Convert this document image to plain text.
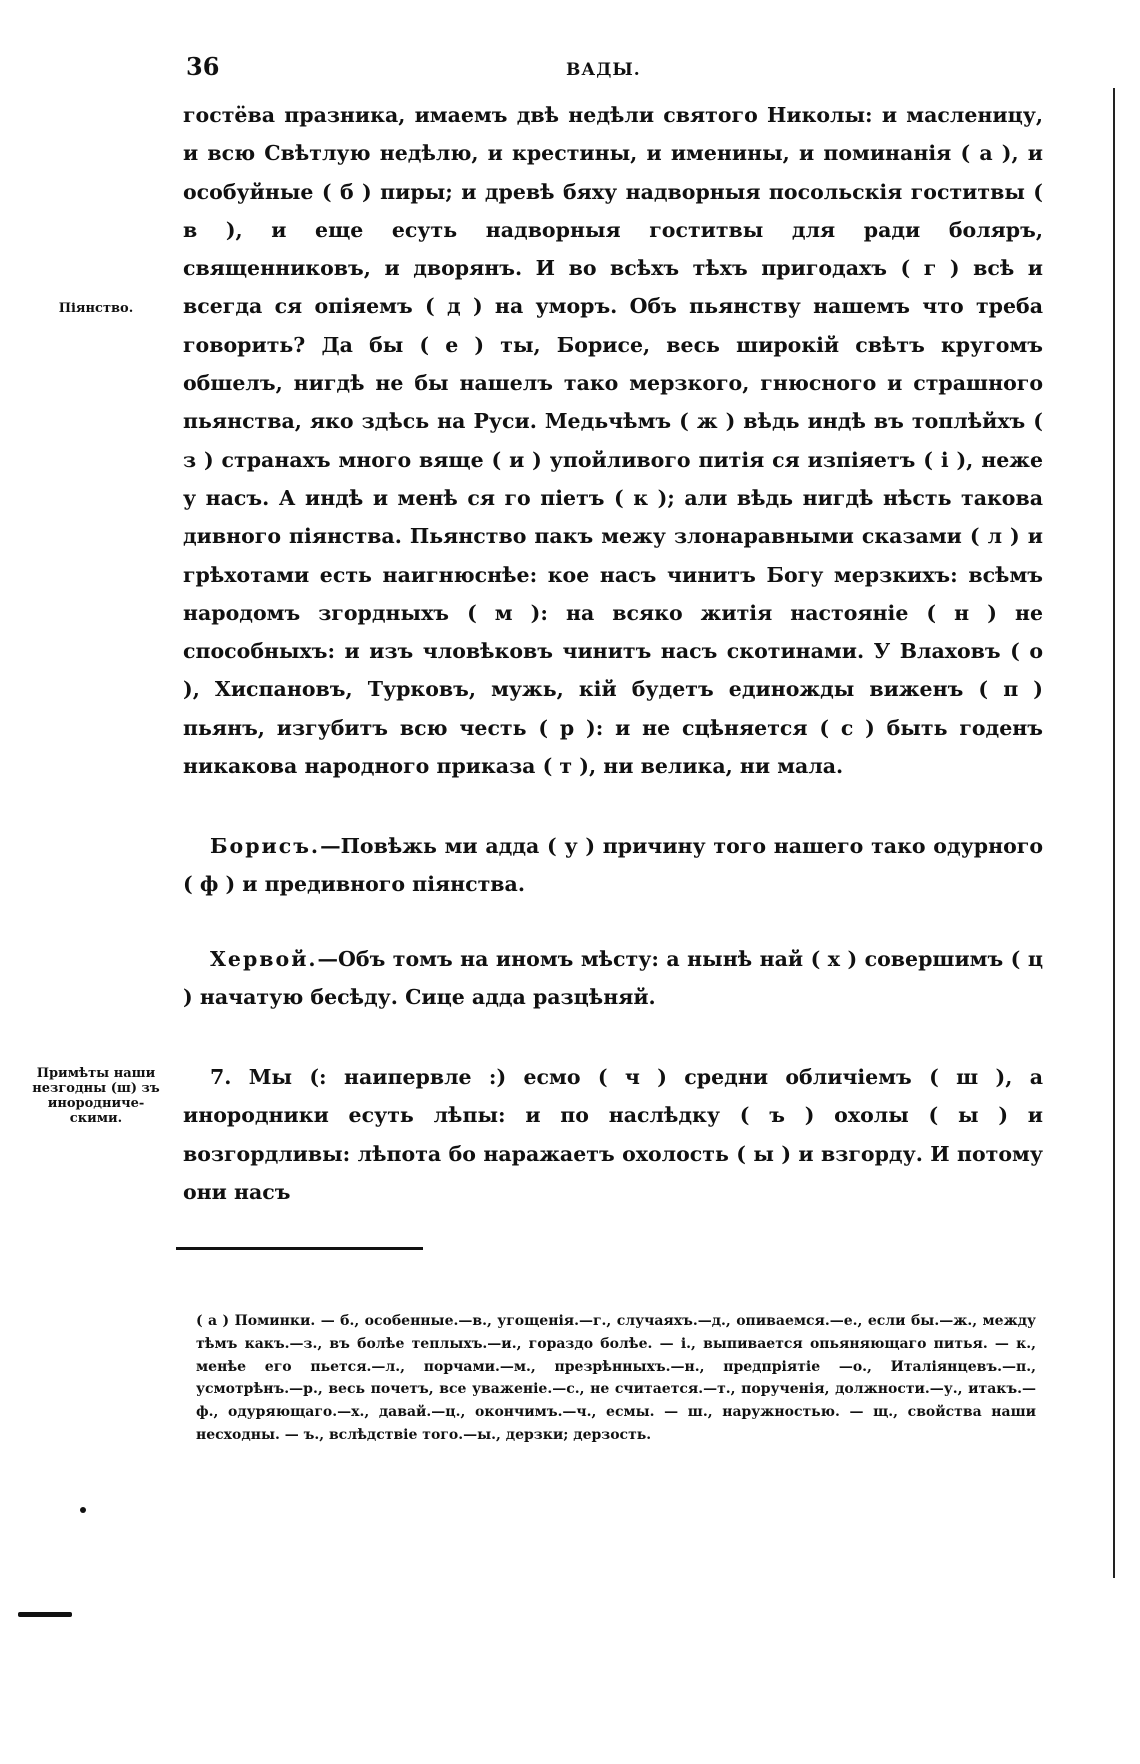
36	ВАДЫ.

Піянство.

гостёва празника, имаемъ двѣ недѣли святого Николы: и масленицу, и всю Свѣтлую недѣлю, и крестины, и именины, и поминанія ( а ), и особуйные ( б ) пиры; и древѣ бяху надворныя посольскія гоститвы ( в ), и еще есуть надворныя гоститвы для ради боляръ, священниковъ, и дворянъ. И во всѣхъ тѣхъ пригодахъ ( г ) всѣ и всегда ся опіяемъ ( д ) на уморъ. Объ пьянству нашемъ что треба говорить? Да бы ( е ) ты, Борисе, весь широкій свѣтъ кругомъ обшелъ, нигдѣ не бы нашелъ тако мерзкого, гнюсного и страшного пьянства, яко здѣсь на Руси. Медьчѣмъ ( ж ) вѣдь индѣ въ топлѣйхъ ( з ) странахъ много вяще ( и ) упойливого питія ся изпіяетъ ( і ), неже у насъ. А индѣ и менѣ ся го піетъ ( к ); али вѣдь нигдѣ нѣсть такова дивного піянства. Пьянство пакъ межу злонаравными сказами ( л ) и грѣхотами есть наигнюснѣе: кое насъ чинитъ Богу мерзкихъ: всѣмъ народомъ згордныхъ ( м ): на всяко житія настояніе ( н ) не способныхъ: и изъ чловѣковъ чинитъ насъ скотинами. У Влаховъ ( о ), Хиспановъ, Турковъ, мужь, кій будетъ единожды виженъ ( п ) пьянъ, изгубитъ всю честь ( р ): и не сцѣняется ( с ) быть годенъ никакова народного приказа ( т ), ни велика, ни мала.

Борисъ.—Повѣжь ми адда ( у ) причину того нашего тако одурного ( ф ) и предивного піянства.

Хервой.—Объ томъ на иномъ мѣсту: а нынѣ най ( х ) совершимъ ( ц ) начатую бесѣду. Сице адда разцѣняй.

Примѣты наши незгодны (ш) зъ инородниче-скими.

7. Мы (: наипервле :) есмо ( ч ) средни обличіемъ ( ш ), а инородники есуть лѣпы: и по наслѣдку ( ъ ) охолы ( ы ) и возгордливы: лѣпота бо наражаетъ охолость ( ы ) и взгорду. И потому они насъ

( а ) Поминки. — б., особенные.—в., угощенія.—г., случаяхъ.—д., опиваемся.—е., если бы.—ж., между тѣмъ какъ.—з., въ болѣе теплыхъ.—и., гораздо болѣе. — і., выпивается опьяняющаго питья. — к., менѣе его пьется.—л., порчами.—м., презрѣнныхъ.—н., предпріятіе —о., Италіянцевъ.—п., усмотрѣнъ.—р., весь почетъ, все уваженіе.—с., не считается.—т., порученія, должности.—у., итакъ.—ф., одуряющаго.—х., давай.—ц., окончимъ.—ч., есмы. — ш., наружностью. — щ., свойства наши несходны. — ъ., вслѣдствіе того.—ы., дерзки; дерзость.
